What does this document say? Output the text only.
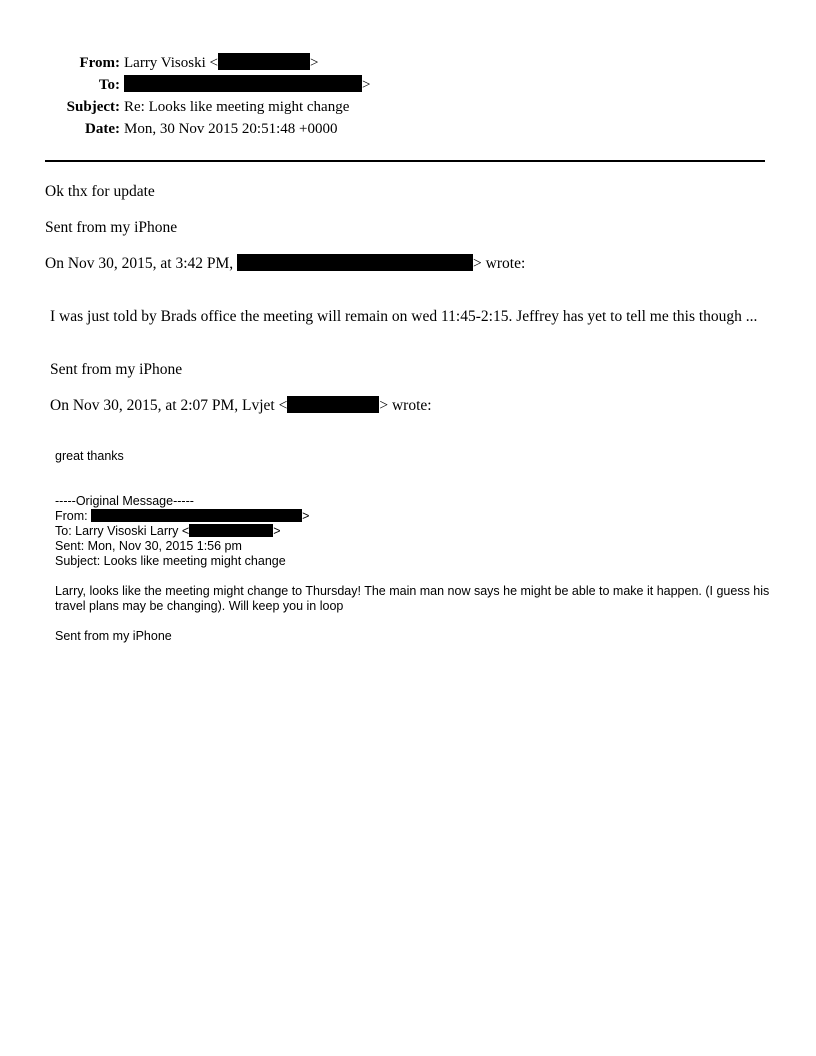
From: Larry Visoski <	>
To:	>
Subject: Re: Looks like meeting might change
Date: Mon, 30 Nov 2015 20:51:48 +0000
Ok thx for update
Sent from my iPhone
On Nov 30, 2015, at 3:42 PM,	> wrote:
I was just told by Brads office the meeting will remain on wed 11:45-2:15. Jeffrey has yet to tell me this though ...
Sent from my iPhone
On Nov 30, 2015, at 2:07 PM, Lvjet <	> wrote:
great thanks
-----Original Message-----
From:	>
To: Larry Visoski Larry <	>
Sent: Mon, Nov 30, 2015 1:56 pm
Subject: Looks like meeting might change
Larry, looks like the meeting might change to Thursday! The main man now says he might be able to make it happen. (I guess his travel plans may be changing). Will keep you in loop
Sent from my iPhone
